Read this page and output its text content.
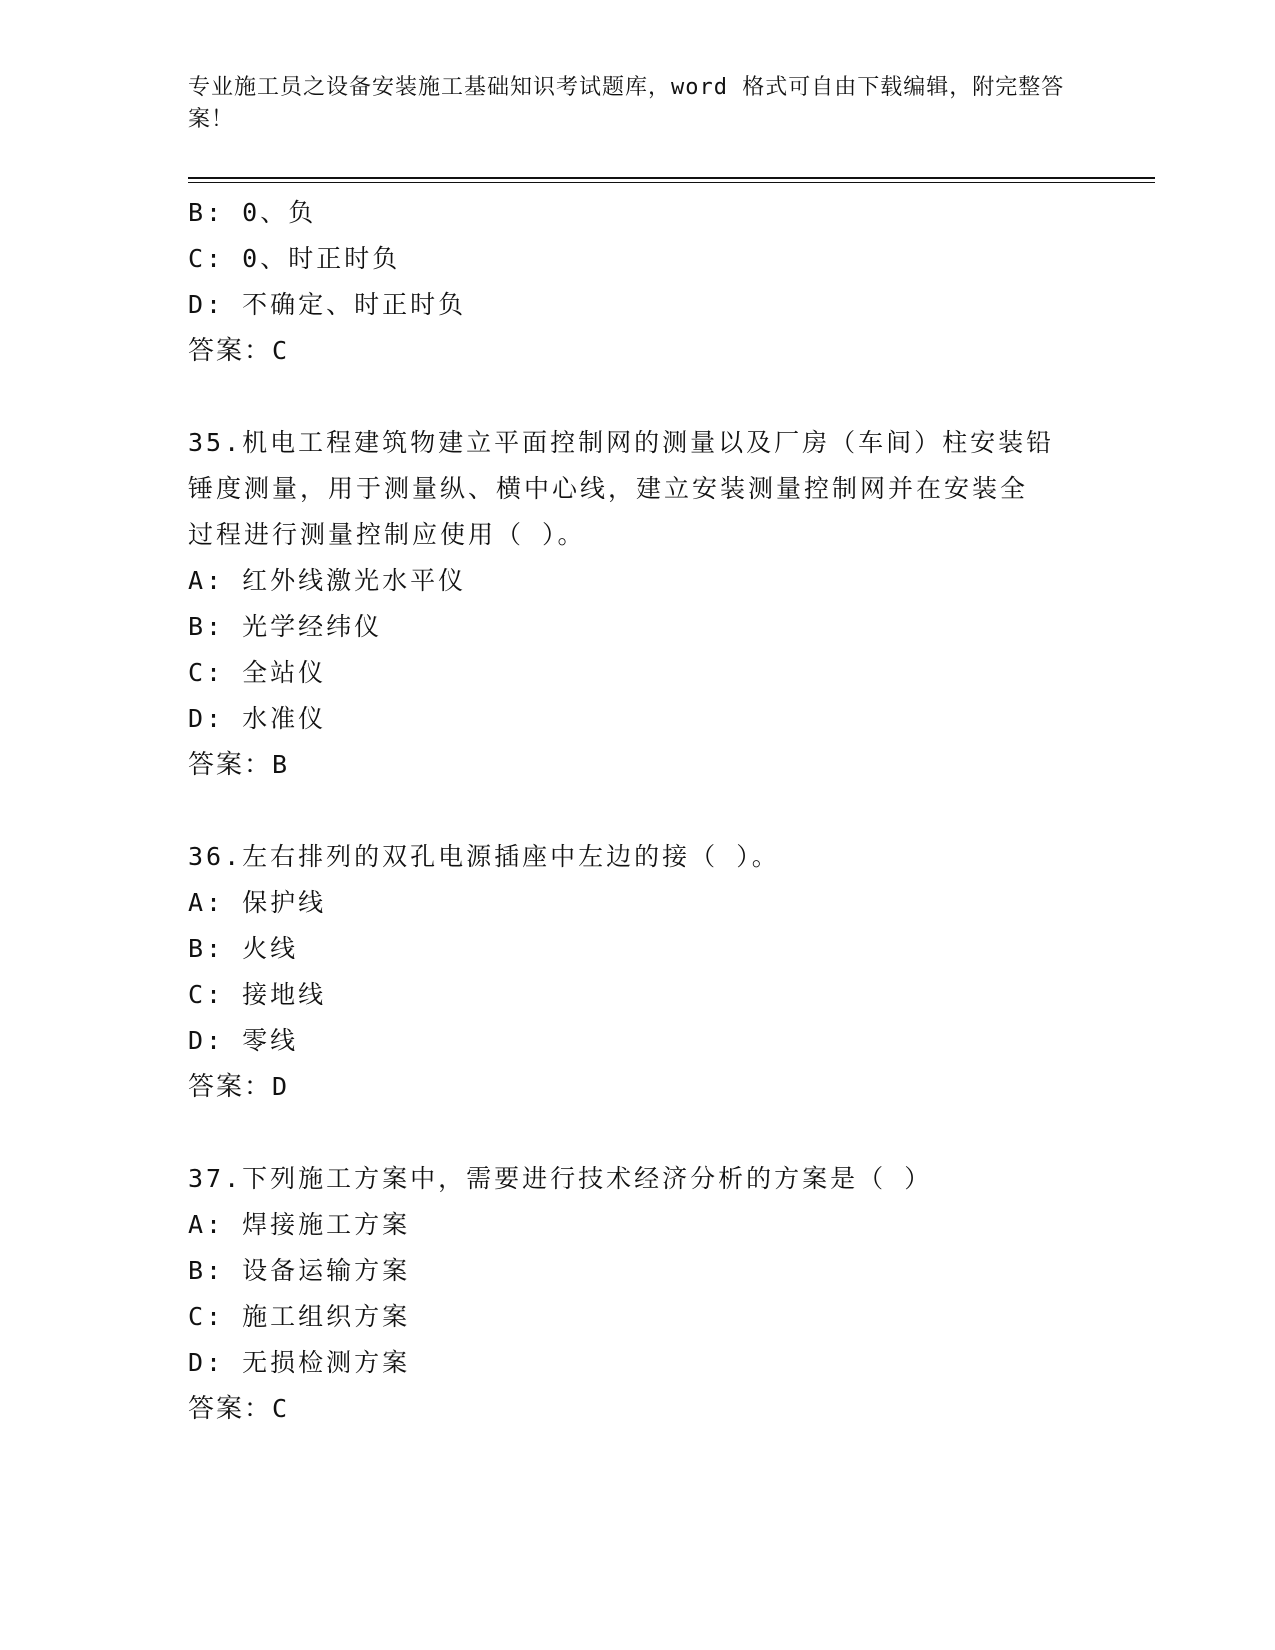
专业施工员之设备安装施工基础知识考试题库，word 格式可自由下载编辑，附完整答案！
B: 0、负
C: 0、时正时负
D: 不确定、时正时负
答案：C
35.机电工程建筑物建立平面控制网的测量以及厂房（车间）柱安装铅
锤度测量，用于测量纵、横中心线，建立安装测量控制网并在安装全
过程进行测量控制应使用（ ）。
A: 红外线激光水平仪
B: 光学经纬仪
C: 全站仪
D: 水准仪
答案：B
36.左右排列的双孔电源插座中左边的接（ ）。
A: 保护线
B: 火线
C: 接地线
D: 零线
答案：D
37.下列施工方案中，需要进行技术经济分析的方案是（ ）
A: 焊接施工方案
B: 设备运输方案
C: 施工组织方案
D: 无损检测方案
答案：C
